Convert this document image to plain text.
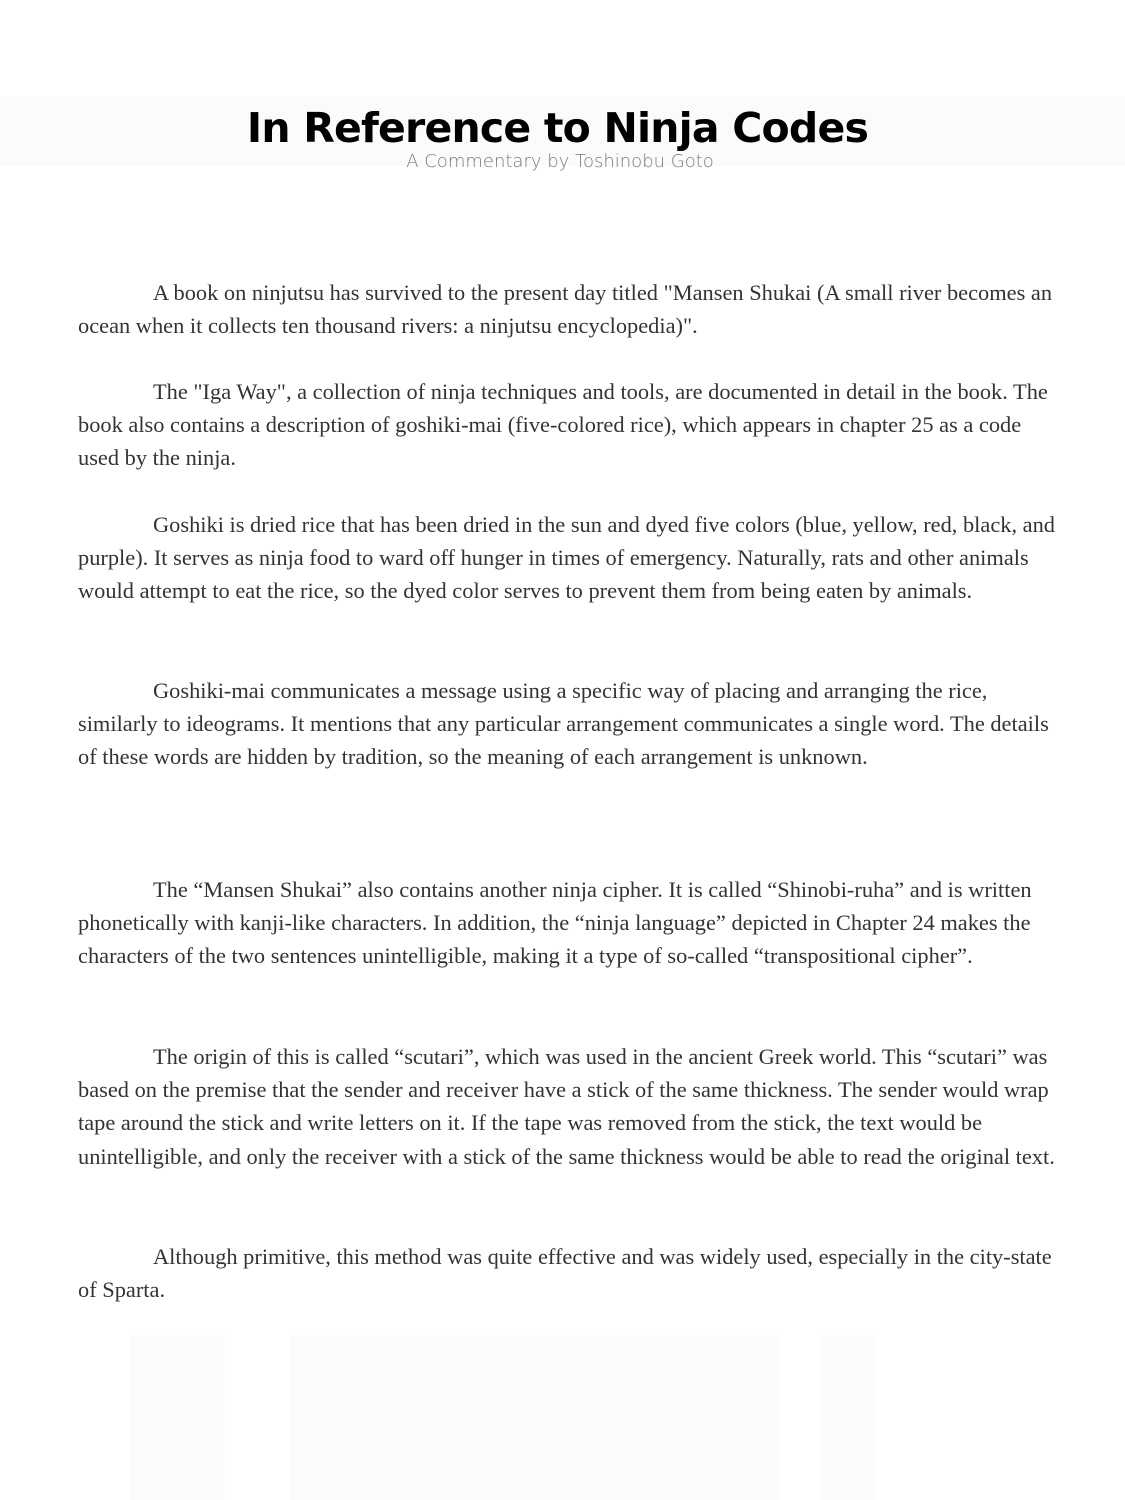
In Reference to Ninja Codes
A Commentary by Toshinobu Goto

A book on ninjutsu has survived to the present day titled "Mansen Shukai (A small river becomes an ocean when it collects ten thousand rivers: a ninjutsu encyclopedia)".

The "Iga Way", a collection of ninja techniques and tools, are documented in detail in the book. The book also contains a description of goshiki-mai (five-colored rice), which appears in chapter 25 as a code used by the ninja.

Goshiki is dried rice that has been dried in the sun and dyed five colors (blue, yellow, red, black, and purple). It serves as ninja food to ward off hunger in times of emergency. Naturally, rats and other animals would attempt to eat the rice, so the dyed color serves to prevent them from being eaten by animals.

Goshiki-mai communicates a message using a specific way of placing and arranging the rice, similarly to ideograms. It mentions that any particular arrangement communicates a single word. The details of these words are hidden by tradition, so the meaning of each arrangement is unknown.

The “Mansen Shukai” also contains another ninja cipher. It is called “Shinobi-ruha” and is written phonetically with kanji-like characters. In addition, the “ninja language” depicted in Chapter 24 makes the characters of the two sentences unintelligible, making it a type of so-called “transpositional cipher”.

The origin of this is called “scutari”, which was used in the ancient Greek world. This “scutari” was based on the premise that the sender and receiver have a stick of the same thickness. The sender would wrap tape around the stick and write letters on it. If the tape was removed from the stick, the text would be unintelligible, and only the receiver with a stick of the same thickness would be able to read the original text.

Although primitive, this method was quite effective and was widely used, especially in the city-state of Sparta.
